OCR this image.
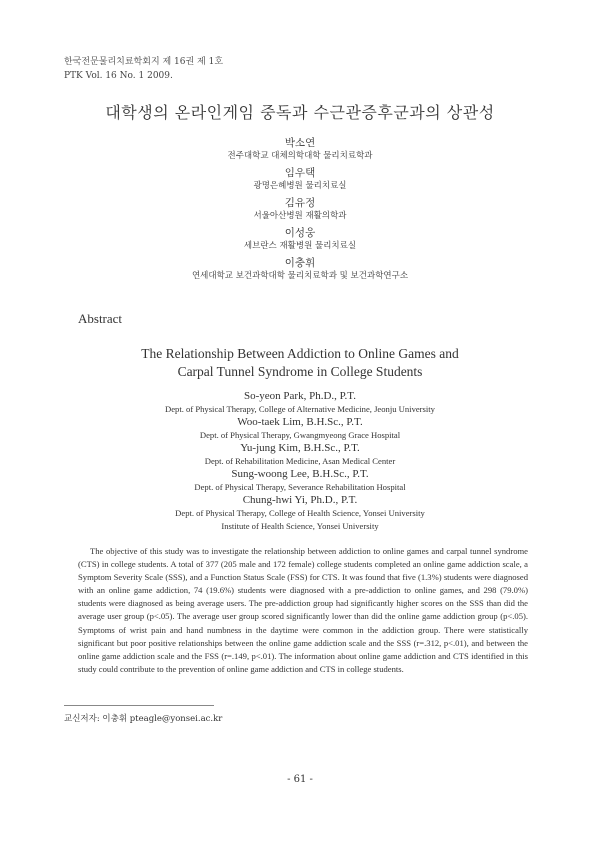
한국전문물리치료학회지 제 16권 제 1호
PTK Vol. 16 No. 1 2009.
대학생의 온라인게임 중독과 수근관증후군과의 상관성
박소연
전주대학교 대체의학대학 물리치료학과
임우택
광명은혜병원 물리치료실
김유정
서울아산병원 재활의학과
이성웅
세브란스 재활병원 물리치료실
이충휘
연세대학교 보건과학대학 물리치료학과 및 보건과학연구소
Abstract
The Relationship Between Addiction to Online Games and
Carpal Tunnel Syndrome in College Students
So-yeon Park, Ph.D., P.T.
Dept. of Physical Therapy, College of Alternative Medicine, Jeonju University
Woo-taek Lim, B.H.Sc., P.T.
Dept. of Physical Therapy, Gwangmyeong Grace Hospital
Yu-jung Kim, B.H.Sc., P.T.
Dept. of Rehabilitation Medicine, Asan Medical Center
Sung-woong Lee, B.H.Sc., P.T.
Dept. of Physical Therapy, Severance Rehabilitation Hospital
Chung-hwi Yi, Ph.D., P.T.
Dept. of Physical Therapy, College of Health Science, Yonsei University
Institute of Health Science, Yonsei University
The objective of this study was to investigate the relationship between addiction to online games and carpal tunnel syndrome (CTS) in college students. A total of 377 (205 male and 172 female) college students completed an online game addiction scale, a Symptom Severity Scale (SSS), and a Function Status Scale (FSS) for CTS. It was found that five (1.3%) students were diagnosed with an online game addiction, 74 (19.6%) students were diagnosed with a pre-addiction to online games, and 298 (79.0%) students were diagnosed as being average users. The pre-addiction group had significantly higher scores on the SSS than did the average user group (p<.05). The average user group scored significantly lower than did the online game addiction group (p<.05). Symptoms of wrist pain and hand numbness in the daytime were common in the addiction group. There were statistically significant but poor positive relationships between the online game addiction scale and the SSS (r=.312, p<.01), and between the online game addiction scale and the FSS (r=.149, p<.01). The information about online game addiction and CTS identified in this study could contribute to the prevention of online game addiction and CTS in college students.
교신저자: 이충휘 pteagle@yonsei.ac.kr
- 61 -
